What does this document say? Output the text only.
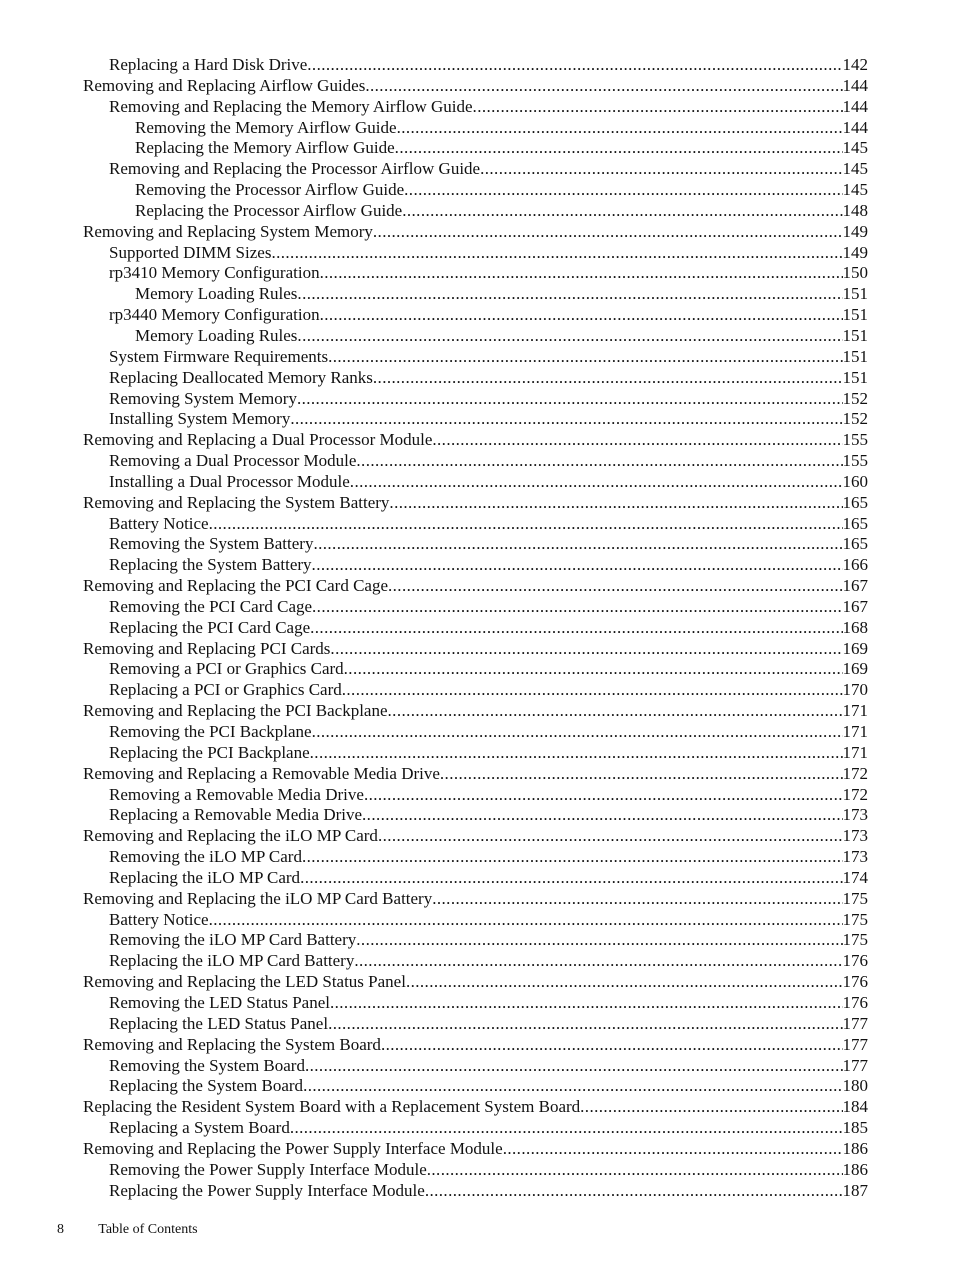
Replacing a Hard Disk Drive .....	142
Removing and Replacing Airflow Guides .....	144
Removing and Replacing the Memory Airflow Guide .....	144
Removing the Memory Airflow Guide .....	144
Replacing the Memory Airflow Guide .....	145
Removing and Replacing the Processor Airflow Guide .....	145
Removing the Processor Airflow Guide .....	145
Replacing the Processor Airflow Guide .....	148
Removing and Replacing System Memory .....	149
Supported DIMM Sizes .....	149
rp3410 Memory Configuration .....	150
Memory Loading Rules .....	151
rp3440 Memory Configuration .....	151
Memory Loading Rules .....	151
System Firmware Requirements .....	151
Replacing Deallocated Memory Ranks .....	151
Removing System Memory .....	152
Installing System Memory .....	152
Removing and Replacing a Dual Processor Module .....	155
Removing a Dual Processor Module .....	155
Installing a Dual Processor Module .....	160
Removing and Replacing the System Battery .....	165
Battery Notice .....	165
Removing the System Battery .....	165
Replacing the System Battery .....	166
Removing and Replacing the PCI Card Cage .....	167
Removing the PCI Card Cage .....	167
Replacing the PCI Card Cage .....	168
Removing and Replacing PCI Cards .....	169
Removing a PCI or Graphics Card .....	169
Replacing a PCI or Graphics Card .....	170
Removing and Replacing the PCI Backplane .....	171
Removing the PCI Backplane .....	171
Replacing the PCI Backplane .....	171
Removing and Replacing a Removable Media Drive .....	172
Removing a Removable Media Drive .....	172
Replacing a Removable Media Drive .....	173
Removing and Replacing the iLO MP Card .....	173
Removing the iLO MP Card .....	173
Replacing the iLO MP Card .....	174
Removing and Replacing the iLO MP Card Battery .....	175
Battery Notice .....	175
Removing the iLO MP Card Battery .....	175
Replacing the iLO MP Card Battery .....	176
Removing and Replacing the LED Status Panel .....	176
Removing the LED Status Panel .....	176
Replacing the LED Status Panel .....	177
Removing and Replacing the System Board .....	177
Removing the System Board .....	177
Replacing the System Board .....	180
Replacing the Resident System Board with a Replacement System Board .....	184
Replacing a System Board .....	185
Removing and Replacing the Power Supply Interface Module .....	186
Removing the Power Supply Interface Module .....	186
Replacing the Power Supply Interface Module .....	187
8 Table of Contents
